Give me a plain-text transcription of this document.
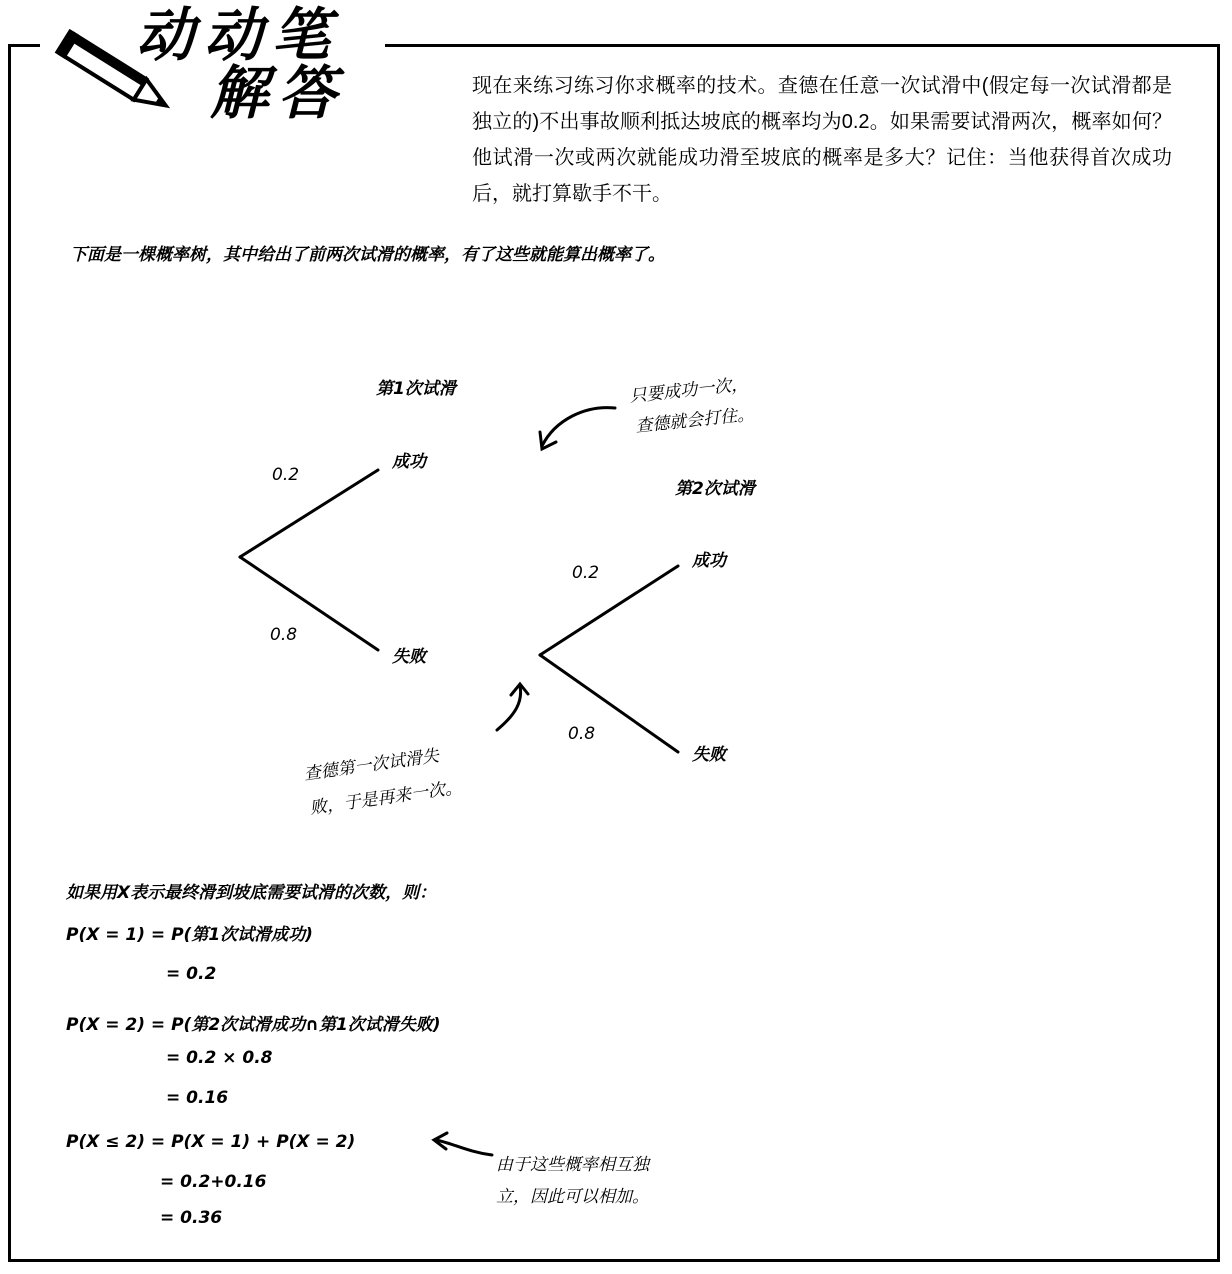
动动笔
解答	现在来练习练习你求概率的技术。查德在任意一次试滑中(假定每一次试滑都是独立的)不出事故顺利抵达坡底的概率均为0.2。如果需要试滑两次，概率如何？他试滑一次或两次就能成功滑至坡底的概率是多大？记住：当他获得首次成功后，就打算歇手不干。
下面是一棵概率树，其中给出了前两次试滑的概率，有了这些就能算出概率了。
第1次试滑
第2次试滑
0.2
成功
0.8
失败
0.2
成功
0.8
失败
只要成功一次，
查德就会打住。
查德第一次试滑失
败，于是再来一次。
如果用X表示最终滑到坡底需要试滑的次数，则：
P(X = 1) = P(第1次试滑成功)
= 0.2
P(X = 2) = P(第2次试滑成功∩第1次试滑失败)
= 0.2 × 0.8
= 0.16
P(X ≤ 2) = P(X = 1) + P(X = 2)
= 0.2+0.16
= 0.36
由于这些概率相互独
立，因此可以相加。
